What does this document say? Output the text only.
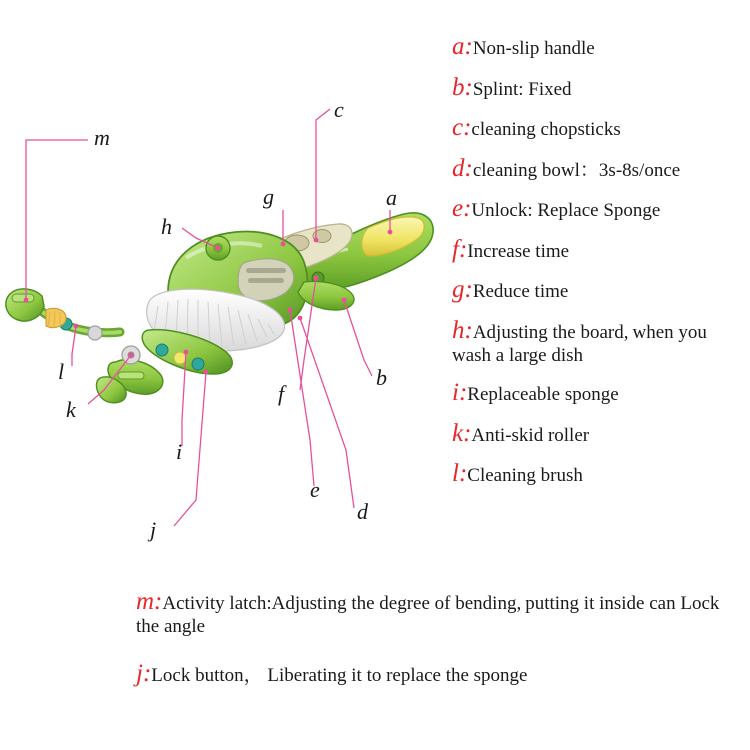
m
c
g	a
h
l
k
b
f
i
e
d
j
a:Non-slip handle
b:Splint: Fixed
c:cleaning chopsticks
d:cleaning bowl：3s-8s/once
e:Unlock: Replace Sponge
f:Increase time
g:Reduce time
h:Adjusting the board, when you wash a large dish
i:Replaceable sponge
k:Anti-skid roller
l:Cleaning brush
m:Activity latch:Adjusting the degree of bending, putting it inside can Lock the angle
j:Lock button， Liberating it to replace the sponge
